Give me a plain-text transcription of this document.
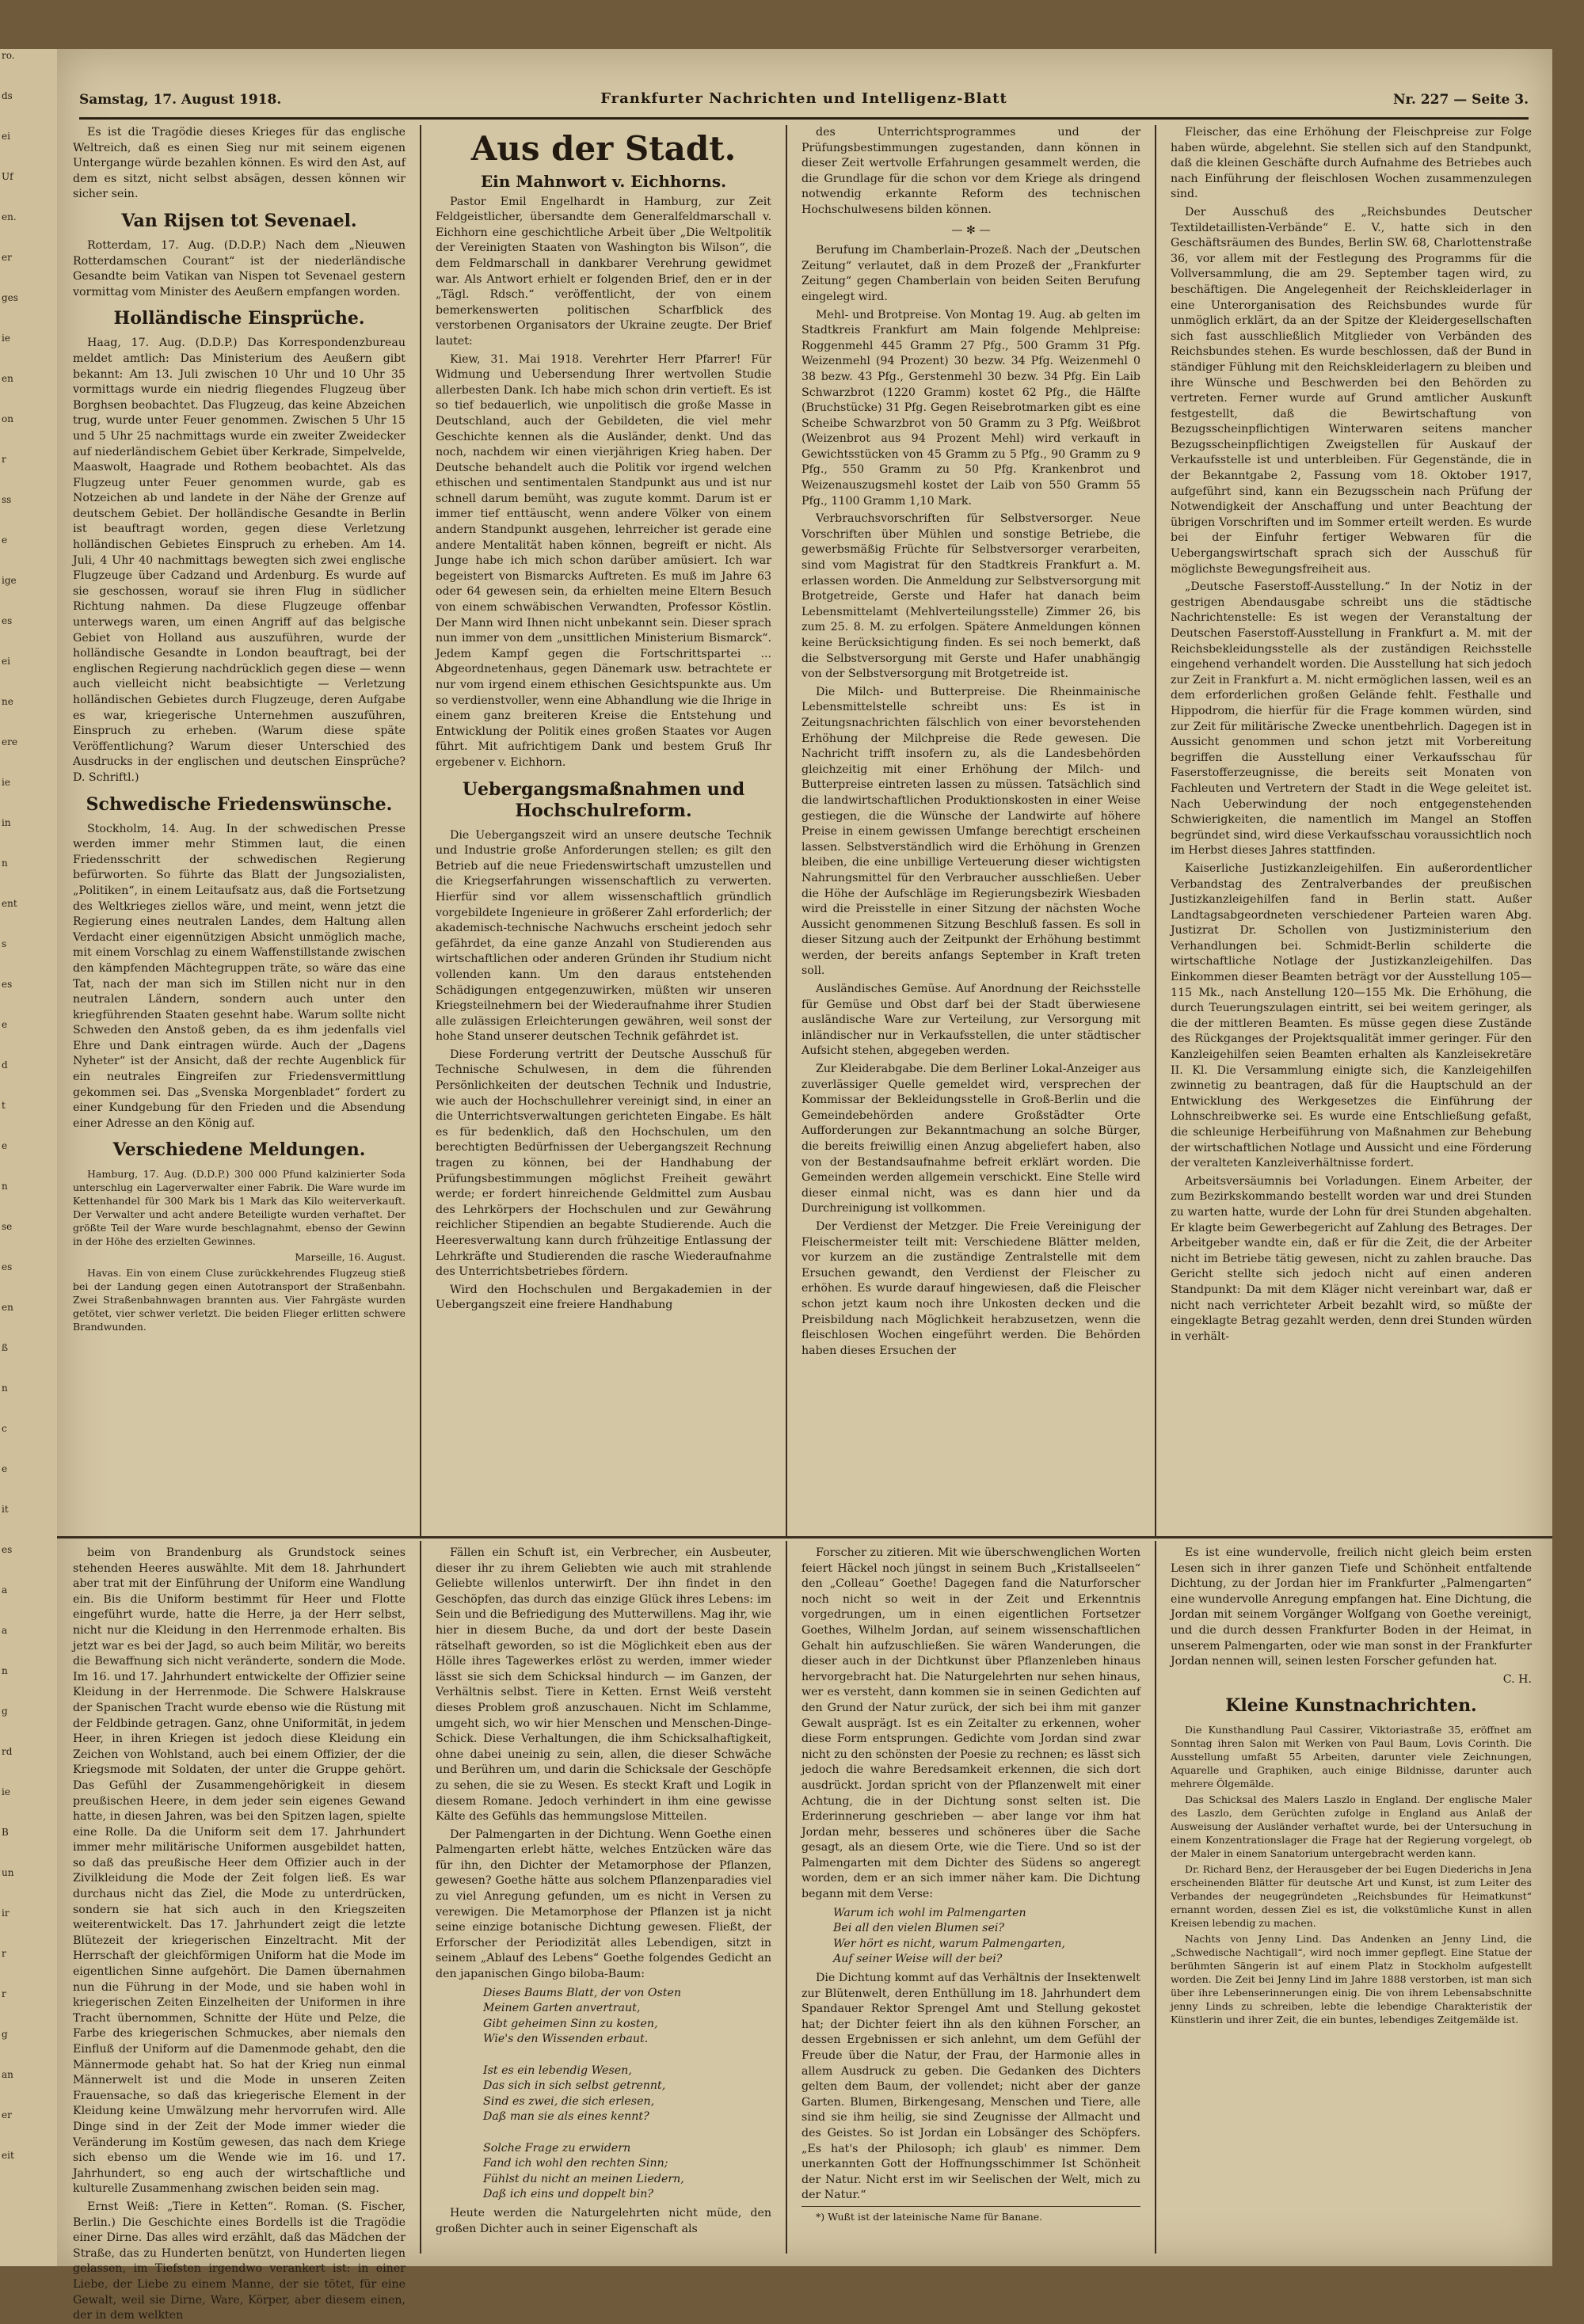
ro.
ds
ei
Uf
en.
er
ges
ie
en
on
r
ss
e
ige
es
ei
ne
ere
ie
in
n
ent
s
es
e
d
t
e
n
se
es
en
ß
n
c
e
it
es
a
a
n
g
rd
ie
B
un
ir
r
r
g
an
er
eit
Samstag, 17. August 1918.	Frankfurter Nachrichten und Intelligenz-Blatt	Nr. 227 — Seite 3.

Es ist die Tragödie dieses Krieges für das englische Weltreich, daß es einen Sieg nur mit seinem eigenen Untergange würde bezahlen können. Es wird den Ast, auf dem es sitzt, nicht selbst absägen, dessen können wir sicher sein.

Van Rijsen tot Sevenael.

Rotterdam, 17. Aug. (D.D.P.) Nach dem „Nieuwen Rotterdamschen Courant“ ist der niederländische Gesandte beim Vatikan van Nispen tot Sevenael gestern vormittag vom Minister des Aeußern empfangen worden.

Holländische Einsprüche.

Haag, 17. Aug. (D.D.P.) Das Korrespondenzbureau meldet amtlich: Das Ministerium des Aeußern gibt bekannt: Am 13. Juli zwischen 10 Uhr und 10 Uhr 35 vormittags wurde ein niedrig fliegendes Flugzeug über Borghsen beobachtet. Das Flugzeug, das keine Abzeichen trug, wurde unter Feuer genommen. Zwischen 5 Uhr 15 und 5 Uhr 25 nachmittags wurde ein zweiter Zweidecker auf niederländischem Gebiet über Kerkrade, Simpelvelde, Maaswolt, Haagrade und Rothem beobachtet. Als das Flugzeug unter Feuer genommen wurde, gab es Notzeichen ab und landete in der Nähe der Grenze auf deutschem Gebiet. Der holländische Gesandte in Berlin ist beauftragt worden, gegen diese Verletzung holländischen Gebietes Einspruch zu erheben. Am 14. Juli, 4 Uhr 40 nachmittags bewegten sich zwei englische Flugzeuge über Cadzand und Ardenburg. Es wurde auf sie geschossen, worauf sie ihren Flug in südlicher Richtung nahmen. Da diese Flugzeuge offenbar unterwegs waren, um einen Angriff auf das belgische Gebiet von Holland aus auszuführen, wurde der holländische Gesandte in London beauftragt, bei der englischen Regierung nachdrücklich gegen diese — wenn auch vielleicht nicht beabsichtigte — Verletzung holländischen Gebietes durch Flugzeuge, deren Aufgabe es war, kriegerische Unternehmen auszuführen, Einspruch zu erheben. (Warum diese späte Veröffentlichung? Warum dieser Unterschied des Ausdrucks in der englischen und deutschen Einsprüche? D. Schriftl.)

Schwedische Friedenswünsche.

Stockholm, 14. Aug. In der schwedischen Presse werden immer mehr Stimmen laut, die einen Friedensschritt der schwedischen Regierung befürworten. So führte das Blatt der Jungsozialisten, „Politiken“, in einem Leitaufsatz aus, daß die Fortsetzung des Weltkrieges ziellos wäre, und meint, wenn jetzt die Regierung eines neutralen Landes, dem Haltung allen Verdacht einer eigennützigen Absicht unmöglich mache, mit einem Vorschlag zu einem Waffenstillstande zwischen den kämpfenden Mächtegruppen träte, so wäre das eine Tat, nach der man sich im Stillen nicht nur in den neutralen Ländern, sondern auch unter den kriegführenden Staaten gesehnt habe. Warum sollte nicht Schweden den Anstoß geben, da es ihm jedenfalls viel Ehre und Dank eintragen würde. Auch der „Dagens Nyheter“ ist der Ansicht, daß der rechte Augenblick für ein neutrales Eingreifen zur Friedensvermittlung gekommen sei. Das „Svenska Morgenbladet“ fordert zu einer Kundgebung für den Frieden und die Absendung einer Adresse an den König auf.

Verschiedene Meldungen.

Hamburg, 17. Aug. (D.D.P.) 300 000 Pfund kalzinierter Soda unterschlug ein Lagerverwalter einer Fabrik. Die Ware wurde im Kettenhandel für 300 Mark bis 1 Mark das Kilo weiterverkauft. Der Verwalter und acht andere Beteiligte wurden verhaftet. Der größte Teil der Ware wurde beschlagnahmt, ebenso der Gewinn in der Höhe des erzielten Gewinnes.

Marseille, 16. August.

Havas. Ein von einem Cluse zurückkehrendes Flugzeug stieß bei der Landung gegen einen Autotransport der Straßenbahn. Zwei Straßenbahnwagen brannten aus. Vier Fahrgäste wurden getötet, vier schwer verletzt. Die beiden Flieger erlitten schwere Brandwunden.

Aus der Stadt.
Ein Mahnwort v. Eichhorns.

Pastor Emil Engelhardt in Hamburg, zur Zeit Feldgeistlicher, übersandte dem Generalfeldmarschall v. Eichhorn eine geschichtliche Arbeit über „Die Weltpolitik der Vereinigten Staaten von Washington bis Wilson“, die dem Feldmarschall in dankbarer Verehrung gewidmet war. Als Antwort erhielt er folgenden Brief, den er in der „Tägl. Rdsch.“ veröffentlicht, der von einem bemerkenswerten politischen Scharfblick des verstorbenen Organisators der Ukraine zeugte. Der Brief lautet:

Kiew, 31. Mai 1918. Verehrter Herr Pfarrer! Für Widmung und Uebersendung Ihrer wertvollen Studie allerbesten Dank. Ich habe mich schon drin vertieft. Es ist so tief bedauerlich, wie unpolitisch die große Masse in Deutschland, auch der Gebildeten, die viel mehr Geschichte kennen als die Ausländer, denkt. Und das noch, nachdem wir einen vierjährigen Krieg haben. Der Deutsche behandelt auch die Politik vor irgend welchen ethischen und sentimentalen Standpunkt aus und ist nur schnell darum bemüht, was zugute kommt. Darum ist er immer tief enttäuscht, wenn andere Völker von einem andern Standpunkt ausgehen, lehrreicher ist gerade eine andere Mentalität haben können, begreift er nicht. Als Junge habe ich mich schon darüber amüsiert. Ich war begeistert von Bismarcks Auftreten. Es muß im Jahre 63 oder 64 gewesen sein, da erhielten meine Eltern Besuch von einem schwäbischen Verwandten, Professor Köstlin. Der Mann wird Ihnen nicht unbekannt sein. Dieser sprach nun immer von dem „unsittlichen Ministerium Bismarck“. Jedem Kampf gegen die Fortschrittspartei ... Abgeordnetenhaus, gegen Dänemark usw. betrachtete er nur vom irgend einem ethischen Gesichtspunkte aus. Um so verdienstvoller, wenn eine Abhandlung wie die Ihrige in einem ganz breiteren Kreise die Entstehung und Entwicklung der Politik eines großen Staates vor Augen führt. Mit aufrichtigem Dank und bestem Gruß Ihr ergebener v. Eichhorn.

Uebergangsmaßnahmen und Hochschulreform.

Die Uebergangszeit wird an unsere deutsche Technik und Industrie große Anforderungen stellen; es gilt den Betrieb auf die neue Friedenswirtschaft umzustellen und die Kriegserfahrungen wissenschaftlich zu verwerten. Hierfür sind vor allem wissenschaftlich gründlich vorgebildete Ingenieure in größerer Zahl erforderlich; der akademisch-technische Nachwuchs erscheint jedoch sehr gefährdet, da eine ganze Anzahl von Studierenden aus wirtschaftlichen oder anderen Gründen ihr Studium nicht vollenden kann. Um den daraus entstehenden Schädigungen entgegenzuwirken, müßten wir unseren Kriegsteilnehmern bei der Wiederaufnahme ihrer Studien alle zulässigen Erleichterungen gewähren, weil sonst der hohe Stand unserer deutschen Technik gefährdet ist.

Diese Forderung vertritt der Deutsche Ausschuß für Technische Schulwesen, in dem die führenden Persönlichkeiten der deutschen Technik und Industrie, wie auch der Hochschullehrer vereinigt sind, in einer an die Unterrichtsverwaltungen gerichteten Eingabe. Es hält es für bedenklich, daß den Hochschulen, um den berechtigten Bedürfnissen der Uebergangszeit Rechnung tragen zu können, bei der Handhabung der Prüfungsbestimmungen möglichst Freiheit gewährt werde; er fordert hinreichende Geldmittel zum Ausbau des Lehrkörpers der Hochschulen und zur Gewährung reichlicher Stipendien an begabte Studierende. Auch die Heeresverwaltung kann durch frühzeitige Entlassung der Lehrkräfte und Studierenden die rasche Wiederaufnahme des Unterrichtsbetriebes fördern.

Wird den Hochschulen und Bergakademien in der Uebergangszeit eine freiere Handhabung

des Unterrichtsprogrammes und der Prüfungsbestimmungen zugestanden, dann können in dieser Zeit wertvolle Erfahrungen gesammelt werden, die die Grundlage für die schon vor dem Kriege als dringend notwendig erkannte Reform des technischen Hochschulwesens bilden können.

— ✻ —

Berufung im Chamberlain-Prozeß. Nach der „Deutschen Zeitung“ verlautet, daß in dem Prozeß der „Frankfurter Zeitung“ gegen Chamberlain von beiden Seiten Berufung eingelegt wird.

Mehl- und Brotpreise. Von Montag 19. Aug. ab gelten im Stadtkreis Frankfurt am Main folgende Mehlpreise: Roggenmehl 445 Gramm 27 Pfg., 500 Gramm 31 Pfg. Weizenmehl (94 Prozent) 30 bezw. 34 Pfg. Weizenmehl 0 38 bezw. 43 Pfg., Gerstenmehl 30 bezw. 34 Pfg. Ein Laib Schwarzbrot (1220 Gramm) kostet 62 Pfg., die Hälfte (Bruchstücke) 31 Pfg. Gegen Reisebrotmarken gibt es eine Scheibe Schwarzbrot von 50 Gramm zu 3 Pfg. Weißbrot (Weizenbrot aus 94 Prozent Mehl) wird verkauft in Gewichtsstücken von 45 Gramm zu 5 Pfg., 90 Gramm zu 9 Pfg., 550 Gramm zu 50 Pfg. Krankenbrot und Weizenauszugsmehl kostet der Laib von 550 Gramm 55 Pfg., 1100 Gramm 1,10 Mark.

Verbrauchsvorschriften für Selbstversorger. Neue Vorschriften über Mühlen und sonstige Betriebe, die gewerbsmäßig Früchte für Selbstversorger verarbeiten, sind vom Magistrat für den Stadtkreis Frankfurt a. M. erlassen worden. Die Anmeldung zur Selbstversorgung mit Brotgetreide, Gerste und Hafer hat danach beim Lebensmittelamt (Mehlverteilungsstelle) Zimmer 26, bis zum 25. 8. M. zu erfolgen. Spätere Anmeldungen können keine Berücksichtigung finden. Es sei noch bemerkt, daß die Selbstversorgung mit Gerste und Hafer unabhängig von der Selbstversorgung mit Brotgetreide ist.

Die Milch- und Butterpreise. Die Rheinmainische Lebensmittelstelle schreibt uns: Es ist in Zeitungsnachrichten fälschlich von einer bevorstehenden Erhöhung der Milchpreise die Rede gewesen. Die Nachricht trifft insofern zu, als die Landesbehörden gleichzeitig mit einer Erhöhung der Milch- und Butterpreise eintreten lassen zu müssen. Tatsächlich sind die landwirtschaftlichen Produktionskosten in einer Weise gestiegen, die die Wünsche der Landwirte auf höhere Preise in einem gewissen Umfange berechtigt erscheinen lassen. Selbstverständlich wird die Erhöhung in Grenzen bleiben, die eine unbillige Verteuerung dieser wichtigsten Nahrungsmittel für den Verbraucher ausschließen. Ueber die Höhe der Aufschläge im Regierungsbezirk Wiesbaden wird die Preisstelle in einer Sitzung der nächsten Woche Aussicht genommenen Sitzung Beschluß fassen. Es soll in dieser Sitzung auch der Zeitpunkt der Erhöhung bestimmt werden, der bereits anfangs September in Kraft treten soll.

Ausländisches Gemüse. Auf Anordnung der Reichsstelle für Gemüse und Obst darf bei der Stadt überwiesene ausländische Ware zur Verteilung, zur Versorgung mit inländischer nur in Verkaufsstellen, die unter städtischer Aufsicht stehen, abgegeben werden.

Zur Kleiderabgabe. Die dem Berliner Lokal-Anzeiger aus zuverlässiger Quelle gemeldet wird, versprechen der Kommissar der Bekleidungsstelle in Groß-Berlin und die Gemeindebehörden andere Großstädter Orte Aufforderungen zur Bekanntmachung an solche Bürger, die bereits freiwillig einen Anzug abgeliefert haben, also von der Bestandsaufnahme befreit erklärt worden. Die Gemeinden werden allgemein verschickt. Eine Stelle wird dieser einmal nicht, was es dann hier und da Durchreinigung ist vollkommen.

Der Verdienst der Metzger. Die Freie Vereinigung der Fleischermeister teilt mit: Verschiedene Blätter melden, vor kurzem an die zuständige Zentralstelle mit dem Ersuchen gewandt, den Verdienst der Fleischer zu erhöhen. Es wurde darauf hingewiesen, daß die Fleischer schon jetzt kaum noch ihre Unkosten decken und die Preisbildung nach Möglichkeit herabzusetzen, wenn die fleischlosen Wochen eingeführt werden. Die Behörden haben dieses Ersuchen der

Fleischer, das eine Erhöhung der Fleischpreise zur Folge haben würde, abgelehnt. Sie stellen sich auf den Standpunkt, daß die kleinen Geschäfte durch Aufnahme des Betriebes auch nach Einführung der fleischlosen Wochen zusammenzulegen sind.

Der Ausschuß des „Reichsbundes Deutscher Textildetaillisten-Verbände“ E. V., hatte sich in den Geschäftsräumen des Bundes, Berlin SW. 68, Charlottenstraße 36, vor allem mit der Festlegung des Programms für die Vollversammlung, die am 29. September tagen wird, zu beschäftigen. Die Angelegenheit der Reichskleiderlager in eine Unterorganisation des Reichsbundes wurde für unmöglich erklärt, da an der Spitze der Kleidergesellschaften sich fast ausschließlich Mitglieder von Verbänden des Reichsbundes stehen. Es wurde beschlossen, daß der Bund in ständiger Fühlung mit den Reichskleiderlagern zu bleiben und ihre Wünsche und Beschwerden bei den Behörden zu vertreten. Ferner wurde auf Grund amtlicher Auskunft festgestellt, daß die Bewirtschaftung von Bezugsscheinpflichtigen Winterwaren seitens mancher Bezugsscheinpflichtigen Zweigstellen für Auskauf der Verkaufsstelle ist und unterbleiben. Für Gegenstände, die in der Bekanntgabe 2, Fassung vom 18. Oktober 1917, aufgeführt sind, kann ein Bezugsschein nach Prüfung der Notwendigkeit der Anschaffung und unter Beachtung der übrigen Vorschriften und im Sommer erteilt werden. Es wurde bei der Einfuhr fertiger Webwaren für die Uebergangswirtschaft sprach sich der Ausschuß für möglichste Bewegungsfreiheit aus.

„Deutsche Faserstoff-Ausstellung.“ In der Notiz in der gestrigen Abendausgabe schreibt uns die städtische Nachrichtenstelle: Es ist wegen der Veranstaltung der Deutschen Faserstoff-Ausstellung in Frankfurt a. M. mit der Reichsbekleidungsstelle als der zuständigen Reichsstelle eingehend verhandelt worden. Die Ausstellung hat sich jedoch zur Zeit in Frankfurt a. M. nicht ermöglichen lassen, weil es an dem erforderlichen großen Gelände fehlt. Festhalle und Hippodrom, die hierfür für die Frage kommen würden, sind zur Zeit für militärische Zwecke unentbehrlich. Dagegen ist in Aussicht genommen und schon jetzt mit Vorbereitung begriffen die Ausstellung einer Verkaufsschau für Faserstofferzeugnisse, die bereits seit Monaten von Fachleuten und Vertretern der Stadt in die Wege geleitet ist. Nach Ueberwindung der noch entgegenstehenden Schwierigkeiten, die namentlich im Mangel an Stoffen begründet sind, wird diese Verkaufsschau voraussichtlich noch im Herbst dieses Jahres stattfinden.

Kaiserliche Justizkanzleigehilfen. Ein außerordentlicher Verbandstag des Zentralverbandes der preußischen Justizkanzleigehilfen fand in Berlin statt. Außer Landtagsabgeordneten verschiedener Parteien waren Abg. Justizrat Dr. Schollen von Justizministerium den Verhandlungen bei. Schmidt-Berlin schilderte die wirtschaftliche Notlage der Justizkanzleigehilfen. Das Einkommen dieser Beamten beträgt vor der Ausstellung 105—115 Mk., nach Anstellung 120—155 Mk. Die Erhöhung, die durch Teuerungszulagen eintritt, sei bei weitem geringer, als die der mittleren Beamten. Es müsse gegen diese Zustände des Rückganges der Projektsqualität immer geringer. Für den Kanzleigehilfen seien Beamten erhalten als Kanzleisekretäre II. Kl. Die Versammlung einigte sich, die Kanzleigehilfen zwinnetig zu beantragen, daß für die Hauptschuld an der Entwicklung des Werkgesetzes die Einführung der Lohnschreibwerke sei. Es wurde eine Entschließung gefaßt, die schleunige Herbeiführung von Maßnahmen zur Behebung der wirtschaftlichen Notlage und Aussicht und eine Förderung der veralteten Kanzleiverhältnisse fordert.

Arbeitsversäumnis bei Vorladungen. Einem Arbeiter, der zum Bezirkskommando bestellt worden war und drei Stunden zu warten hatte, wurde der Lohn für drei Stunden abgehalten. Er klagte beim Gewerbegericht auf Zahlung des Betrages. Der Arbeitgeber wandte ein, daß er für die Zeit, die der Arbeiter nicht im Betriebe tätig gewesen, nicht zu zahlen brauche. Das Gericht stellte sich jedoch nicht auf einen anderen Standpunkt: Da mit dem Kläger nicht vereinbart war, daß er nicht nach verrichteter Arbeit bezahlt wird, so müßte der eingeklagte Betrag gezahlt werden, denn drei Stunden würden in verhält-

beim von Brandenburg als Grundstock seines stehenden Heeres auswählte. Mit dem 18. Jahrhundert aber trat mit der Einführung der Uniform eine Wandlung ein. Bis die Uniform bestimmt für Heer und Flotte eingeführt wurde, hatte die Herre, ja der Herr selbst, nicht nur die Kleidung in den Herrenmode erhalten. Bis jetzt war es bei der Jagd, so auch beim Militär, wo bereits die Bewaffnung sich nicht veränderte, sondern die Mode. Im 16. und 17. Jahrhundert entwickelte der Offizier seine Kleidung in der Herrenmode. Die Schwere Halskrause der Spanischen Tracht wurde ebenso wie die Rüstung mit der Feldbinde getragen. Ganz, ohne Uniformität, in jedem Heer, in ihren Kriegen ist jedoch diese Kleidung ein Zeichen von Wohlstand, auch bei einem Offizier, der die Kriegsmode mit Soldaten, der unter die Gruppe gehört. Das Gefühl der Zusammengehörigkeit in diesem preußischen Heere, in dem jeder sein eigenes Gewand hatte, in diesen Jahren, was bei den Spitzen lagen, spielte eine Rolle. Da die Uniform seit dem 17. Jahrhundert immer mehr militärische Uniformen ausgebildet hatten, so daß das preußische Heer dem Offizier auch in der Zivilkleidung die Mode der Zeit folgen ließ. Es war durchaus nicht das Ziel, die Mode zu unterdrücken, sondern sie hat sich auch in den Kriegszeiten weiterentwickelt. Das 17. Jahrhundert zeigt die letzte Blütezeit der kriegerischen Einzeltracht. Mit der Herrschaft der gleichförmigen Uniform hat die Mode im eigentlichen Sinne aufgehört. Die Damen übernahmen nun die Führung in der Mode, und sie haben wohl in kriegerischen Zeiten Einzelheiten der Uniformen in ihre Tracht übernommen, Schnitte der Hüte und Pelze, die Farbe des kriegerischen Schmuckes, aber niemals den Einfluß der Uniform auf die Damenmode gehabt, den die Männermode gehabt hat. So hat der Krieg nun einmal Männerwelt ist und die Mode in unseren Zeiten Frauensache, so daß das kriegerische Element in der Kleidung keine Umwälzung mehr hervorrufen wird. Alle Dinge sind in der Zeit der Mode immer wieder die Veränderung im Kostüm gewesen, das nach dem Kriege sich ebenso um die Wende wie im 16. und 17. Jahrhundert, so eng auch der wirtschaftliche und kulturelle Zusammenhang zwischen beiden sein mag.

Ernst Weiß: „Tiere in Ketten“. Roman. (S. Fischer, Berlin.) Die Geschichte eines Bordells ist die Tragödie einer Dirne. Das alles wird erzählt, daß das Mädchen der Straße, das zu Hunderten benützt, von Hunderten liegen gelassen, im Tiefsten irgendwo verankert ist: in einer Liebe, der Liebe zu einem Manne, der sie tötet, für eine Gewalt, weil sie Dirne, Ware, Körper, aber diesem einen, der in dem welkten

Fällen ein Schuft ist, ein Verbrecher, ein Ausbeuter, dieser ihr zu ihrem Geliebten wie auch mit strahlende Geliebte willenlos unterwirft. Der ihn findet in den Geschöpfen, das durch das einzige Glück ihres Lebens: im Sein und die Befriedigung des Mutterwillens. Mag ihr, wie hier in diesem Buche, da und dort der beste Dasein rätselhaft geworden, so ist die Möglichkeit eben aus der Hölle ihres Tagewerkes erlöst zu werden, immer wieder lässt sie sich dem Schicksal hindurch — im Ganzen, der Verhältnis selbst. Tiere in Ketten. Ernst Weiß versteht dieses Problem groß anzuschauen. Nicht im Schlamme, umgeht sich, wo wir hier Menschen und Menschen-Dinge-Schick. Diese Verhaltungen, die ihm Schicksalhaftigkeit, ohne dabei uneinig zu sein, allen, die dieser Schwäche und Berühren um, und darin die Schicksale der Geschöpfe zu sehen, die sie zu Wesen. Es steckt Kraft und Logik in diesem Romane. Jedoch verhindert in ihm eine gewisse Kälte des Gefühls das hemmungslose Mitteilen.

Der Palmengarten in der Dichtung. Wenn Goethe einen Palmengarten erlebt hätte, welches Entzücken wäre das für ihn, den Dichter der Metamorphose der Pflanzen, gewesen? Goethe hätte aus solchem Pflanzenparadies viel zu viel Anregung gefunden, um es nicht in Versen zu verewigen. Die Metamorphose der Pflanzen ist ja nicht seine einzige botanische Dichtung gewesen. Fließt, der Erforscher der Periodizität alles Lebendigen, sitzt in seinem „Ablauf des Lebens“ Goethe folgendes Gedicht an den japanischen Gingo biloba-Baum:

Dieses Baums Blatt, der von Osten
Meinem Garten anvertraut,
Gibt geheimen Sinn zu kosten,
Wie's den Wissenden erbaut.

Ist es ein lebendig Wesen,
Das sich in sich selbst getrennt,
Sind es zwei, die sich erlesen,
Daß man sie als eines kennt?

Solche Frage zu erwidern
Fand ich wohl den rechten Sinn;
Fühlst du nicht an meinen Liedern,
Daß ich eins und doppelt bin?

Heute werden die Naturgelehrten nicht müde, den großen Dichter auch in seiner Eigenschaft als

Forscher zu zitieren. Mit wie überschwenglichen Worten feiert Häckel noch jüngst in seinem Buch „Kristallseelen“ den „Colleau“ Goethe! Dagegen fand die Naturforscher noch nicht so weit in der Zeit und Erkenntnis vorgedrungen, um in einen eigentlichen Fortsetzer Goethes, Wilhelm Jordan, auf seinem wissenschaftlichen Gehalt hin aufzuschließen. Sie wären Wanderungen, die dieser auch in der Dichtkunst über Pflanzenleben hinaus hervorgebracht hat. Die Naturgelehrten nur sehen hinaus, wer es versteht, dann kommen sie in seinen Gedichten auf den Grund der Natur zurück, der sich bei ihm mit ganzer Gewalt ausprägt. Ist es ein Zeitalter zu erkennen, woher diese Form entsprungen. Gedichte vom Jordan sind zwar nicht zu den schönsten der Poesie zu rechnen; es lässt sich jedoch die wahre Beredsamkeit erkennen, die sich dort ausdrückt. Jordan spricht von der Pflanzenwelt mit einer Achtung, die in der Dichtung sonst selten ist. Die Erderinnerung geschrieben — aber lange vor ihm hat Jordan mehr, besseres und schöneres über die Sache gesagt, als an diesem Orte, wie die Tiere. Und so ist der Palmengarten mit dem Dichter des Südens so angeregt worden, dem er an sich immer näher kam. Die Dichtung begann mit dem Verse:

Warum ich wohl im Palmengarten
Bei all den vielen Blumen sei?
Wer hört es nicht, warum Palmengarten,
Auf seiner Weise will der bei?

Die Dichtung kommt auf das Verhältnis der Insektenwelt zur Blütenwelt, deren Enthüllung im 18. Jahrhundert dem Spandauer Rektor Sprengel Amt und Stellung gekostet hat; der Dichter feiert ihn als den kühnen Forscher, an dessen Ergebnissen er sich anlehnt, um dem Gefühl der Freude über die Natur, der Frau, der Harmonie alles in allem Ausdruck zu geben. Die Gedanken des Dichters gelten dem Baum, der vollendet; nicht aber der ganze Garten. Blumen, Birkengesang, Menschen und Tiere, alle sind sie ihm heilig, sie sind Zeugnisse der Allmacht und des Geistes. So ist Jordan ein Lobsänger des Schöpfers. „Es hat's der Philosoph; ich glaub' es nimmer. Dem unerkannten Gott der Hoffnungsschimmer Ist Schönheit der Natur. Nicht erst im wir Seelischen der Welt, mich zu der Natur.“

*) Wußt ist der lateinische Name für Banane.

Es ist eine wundervolle, freilich nicht gleich beim ersten Lesen sich in ihrer ganzen Tiefe und Schönheit entfaltende Dichtung, zu der Jordan hier im Frankfurter „Palmengarten“ eine wundervolle Anregung empfangen hat. Eine Dichtung, die Jordan mit seinem Vorgänger Wolfgang von Goethe vereinigt, und die durch dessen Frankfurter Boden in der Heimat, in unserem Palmengarten, oder wie man sonst in der Frankfurter Jordan nennen will, seinen lesten Forscher gefunden hat.

C. H.

Kleine Kunstnachrichten.

Die Kunsthandlung Paul Cassirer, Viktoriastraße 35, eröffnet am Sonntag ihren Salon mit Werken von Paul Baum, Lovis Corinth. Die Ausstellung umfaßt 55 Arbeiten, darunter viele Zeichnungen, Aquarelle und Graphiken, auch einige Bildnisse, darunter auch mehrere Ölgemälde.

Das Schicksal des Malers Laszlo in England. Der englische Maler des Laszlo, dem Gerüchten zufolge in England aus Anlaß der Ausweisung der Ausländer verhaftet wurde, bei der Untersuchung in einem Konzentrationslager die Frage hat der Regierung vorgelegt, ob der Maler in einem Sanatorium untergebracht werden kann.

Dr. Richard Benz, der Herausgeber der bei Eugen Diederichs in Jena erscheinenden Blätter für deutsche Art und Kunst, ist zum Leiter des Verbandes der neugegründeten „Reichsbundes für Heimatkunst“ ernannt worden, dessen Ziel es ist, die volkstümliche Kunst in allen Kreisen lebendig zu machen.

Nachts von Jenny Lind. Das Andenken an Jenny Lind, die „Schwedische Nachtigall“, wird noch immer gepflegt. Eine Statue der berühmten Sängerin ist auf einem Platz in Stockholm aufgestellt worden. Die Zeit bei Jenny Lind im Jahre 1888 verstorben, ist man sich über ihre Lebenserinnerungen einig. Die von ihrem Lebensabschnitte jenny Linds zu schreiben, lebte die lebendige Charakteristik der Künstlerin und ihrer Zeit, die ein buntes, lebendiges Zeitgemälde ist.
